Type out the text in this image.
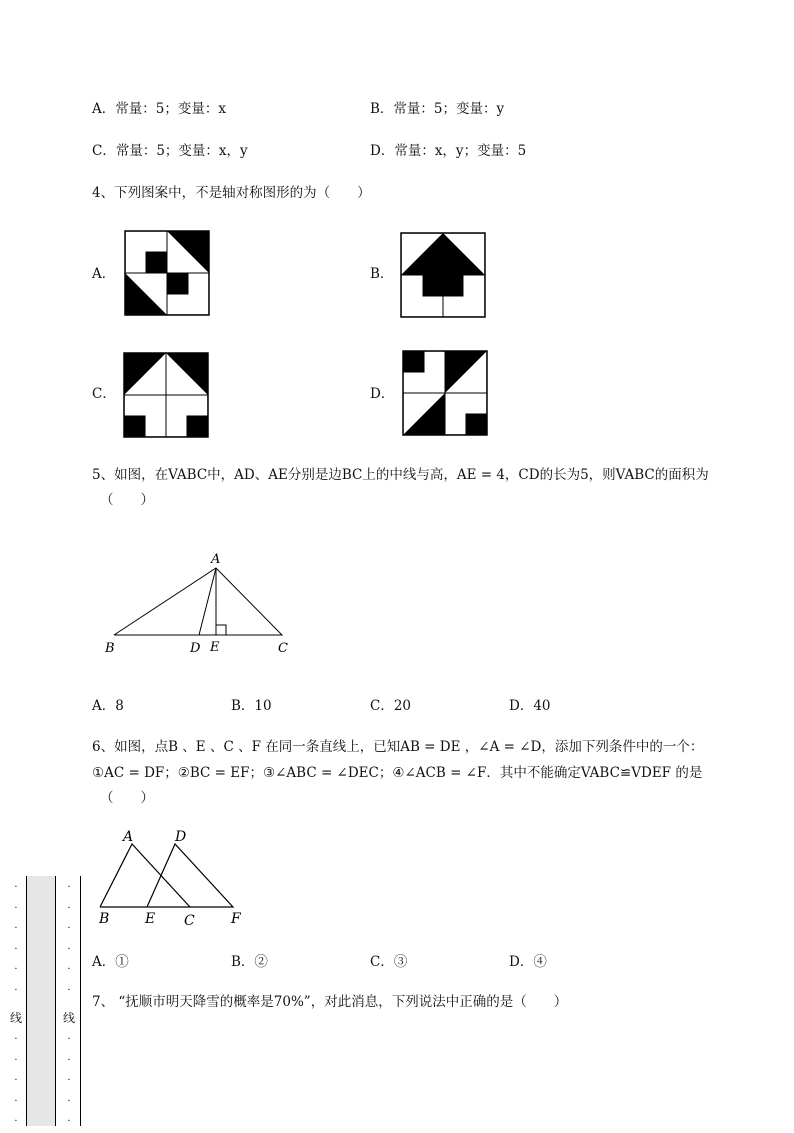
A．常量：5；变量：x	B．常量：5；变量：y
C．常量：5；变量：x，y	D．常量：x，y；变量：5
4、下列图案中，不是轴对称图形的为（　　）
A．	B．
C．	D．
5、如图，在VABC中，AD、AE分别是边BC上的中线与高，AE = 4，CD的长为5，则VABC的面积为
（　　）
A
B	D E	C
A．8	B．10	C．20	D．40
6、如图，点B 、E 、C 、F 在同一条直线上，已知AB = DE ，∠A = ∠D，添加下列条件中的一个：
①AC = DF；②BC = EF；③∠ABC = ∠DEC；④∠ACB = ∠F．其中不能确定VABC≌VDEF 的是
（　　）
A	D
B	E C	F
A．①	B．②	C．③	D．④
7、 “抚顺市明天降雪的概率是70%”，对此消息，下列说法中正确的是（　　）
·
·
·
·
·
·
线
·
·
·
·
·
·
·
·
·
·
·
线
·
·
·
·
·
